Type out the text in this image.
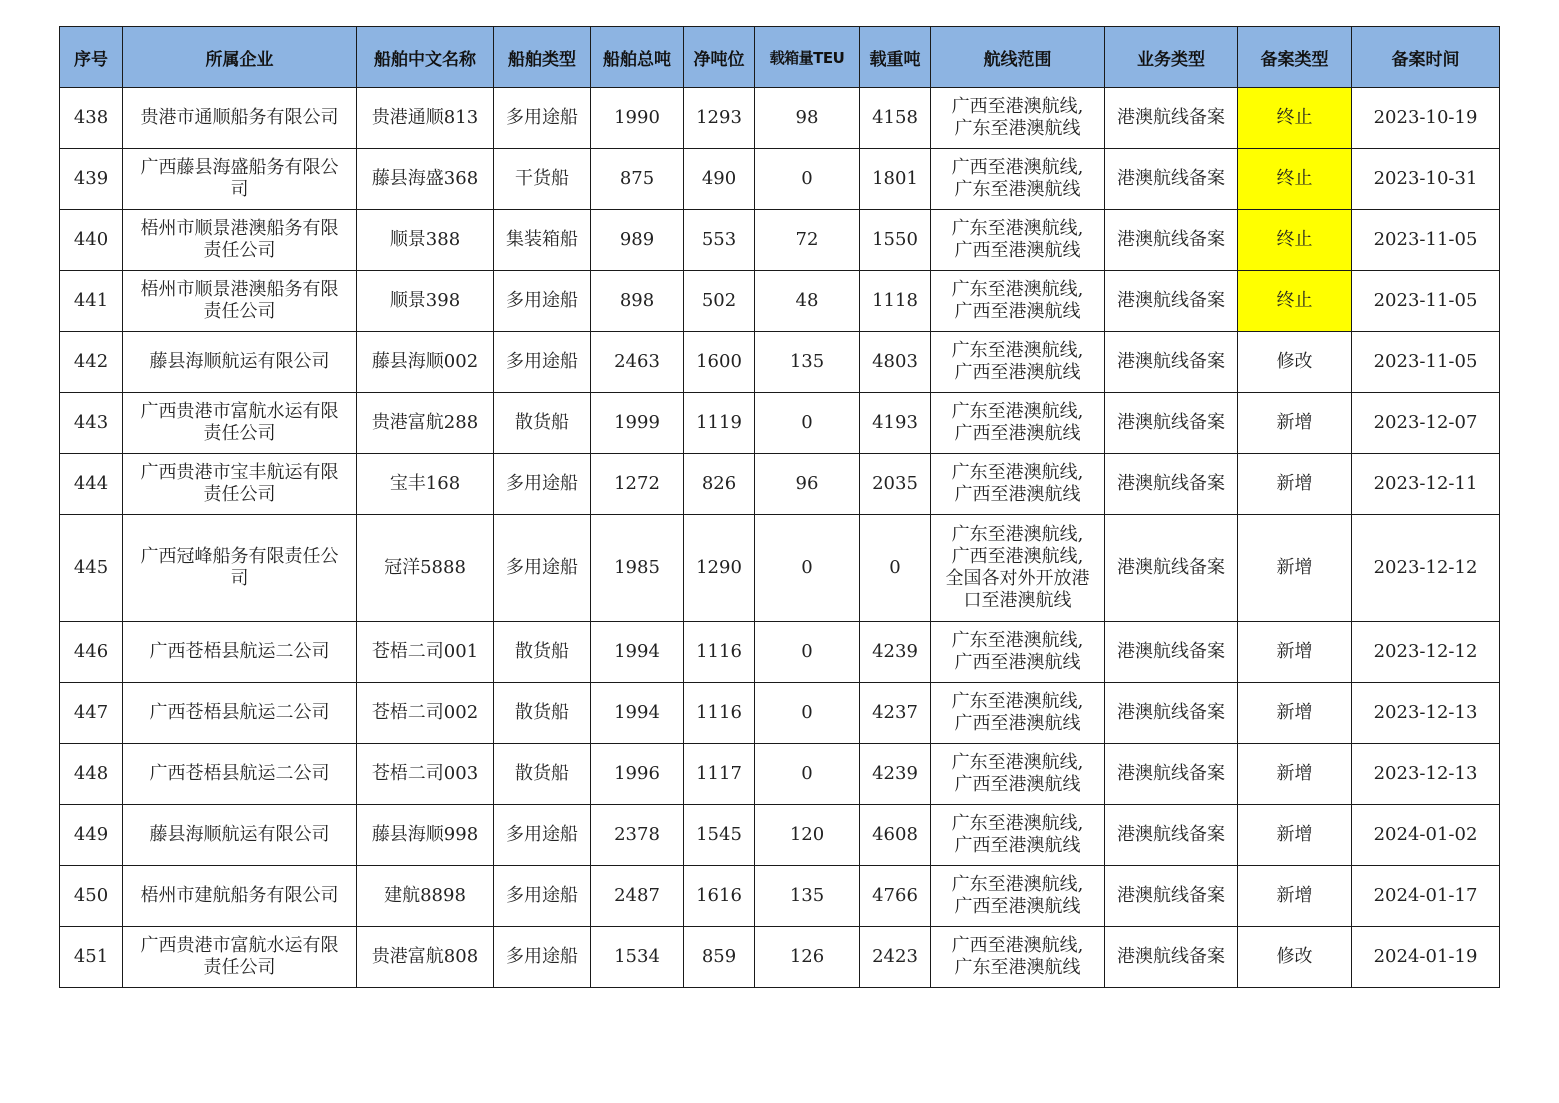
序号	所属企业	船舶中文名称	船舶类型	船舶总吨	净吨位	载箱量TEU	载重吨	航线范围	业务类型	备案类型	备案时间
438	贵港市通顺船务有限公司	贵港通顺813	多用途船	1990	1293	98	4158	广西至港澳航线,
广东至港澳航线	港澳航线备案	终止	2023-10-19
439	广西藤县海盛船务有限公
司	藤县海盛368	干货船	875	490	0	1801	广西至港澳航线,
广东至港澳航线	港澳航线备案	终止	2023-10-31
440	梧州市顺景港澳船务有限
责任公司	顺景388	集装箱船	989	553	72	1550	广东至港澳航线,
广西至港澳航线	港澳航线备案	终止	2023-11-05
441	梧州市顺景港澳船务有限
责任公司	顺景398	多用途船	898	502	48	1118	广东至港澳航线,
广西至港澳航线	港澳航线备案	终止	2023-11-05
442	藤县海顺航运有限公司	藤县海顺002	多用途船	2463	1600	135	4803	广东至港澳航线,
广西至港澳航线	港澳航线备案	修改	2023-11-05
443	广西贵港市富航水运有限
责任公司	贵港富航288	散货船	1999	1119	0	4193	广东至港澳航线,
广西至港澳航线	港澳航线备案	新增	2023-12-07
444	广西贵港市宝丰航运有限
责任公司	宝丰168	多用途船	1272	826	96	2035	广东至港澳航线,
广西至港澳航线	港澳航线备案	新增	2023-12-11
445	广西冠峰船务有限责任公
司	冠洋5888	多用途船	1985	1290	0	0	广东至港澳航线,
广西至港澳航线,
全国各对外开放港
口至港澳航线	港澳航线备案	新增	2023-12-12
446	广西苍梧县航运二公司	苍梧二司001	散货船	1994	1116	0	4239	广东至港澳航线,
广西至港澳航线	港澳航线备案	新增	2023-12-12
447	广西苍梧县航运二公司	苍梧二司002	散货船	1994	1116	0	4237	广东至港澳航线,
广西至港澳航线	港澳航线备案	新增	2023-12-13
448	广西苍梧县航运二公司	苍梧二司003	散货船	1996	1117	0	4239	广东至港澳航线,
广西至港澳航线	港澳航线备案	新增	2023-12-13
449	藤县海顺航运有限公司	藤县海顺998	多用途船	2378	1545	120	4608	广东至港澳航线,
广西至港澳航线	港澳航线备案	新增	2024-01-02
450	梧州市建航船务有限公司	建航8898	多用途船	2487	1616	135	4766	广东至港澳航线,
广西至港澳航线	港澳航线备案	新增	2024-01-17
451	广西贵港市富航水运有限
责任公司	贵港富航808	多用途船	1534	859	126	2423	广西至港澳航线,
广东至港澳航线	港澳航线备案	修改	2024-01-19
